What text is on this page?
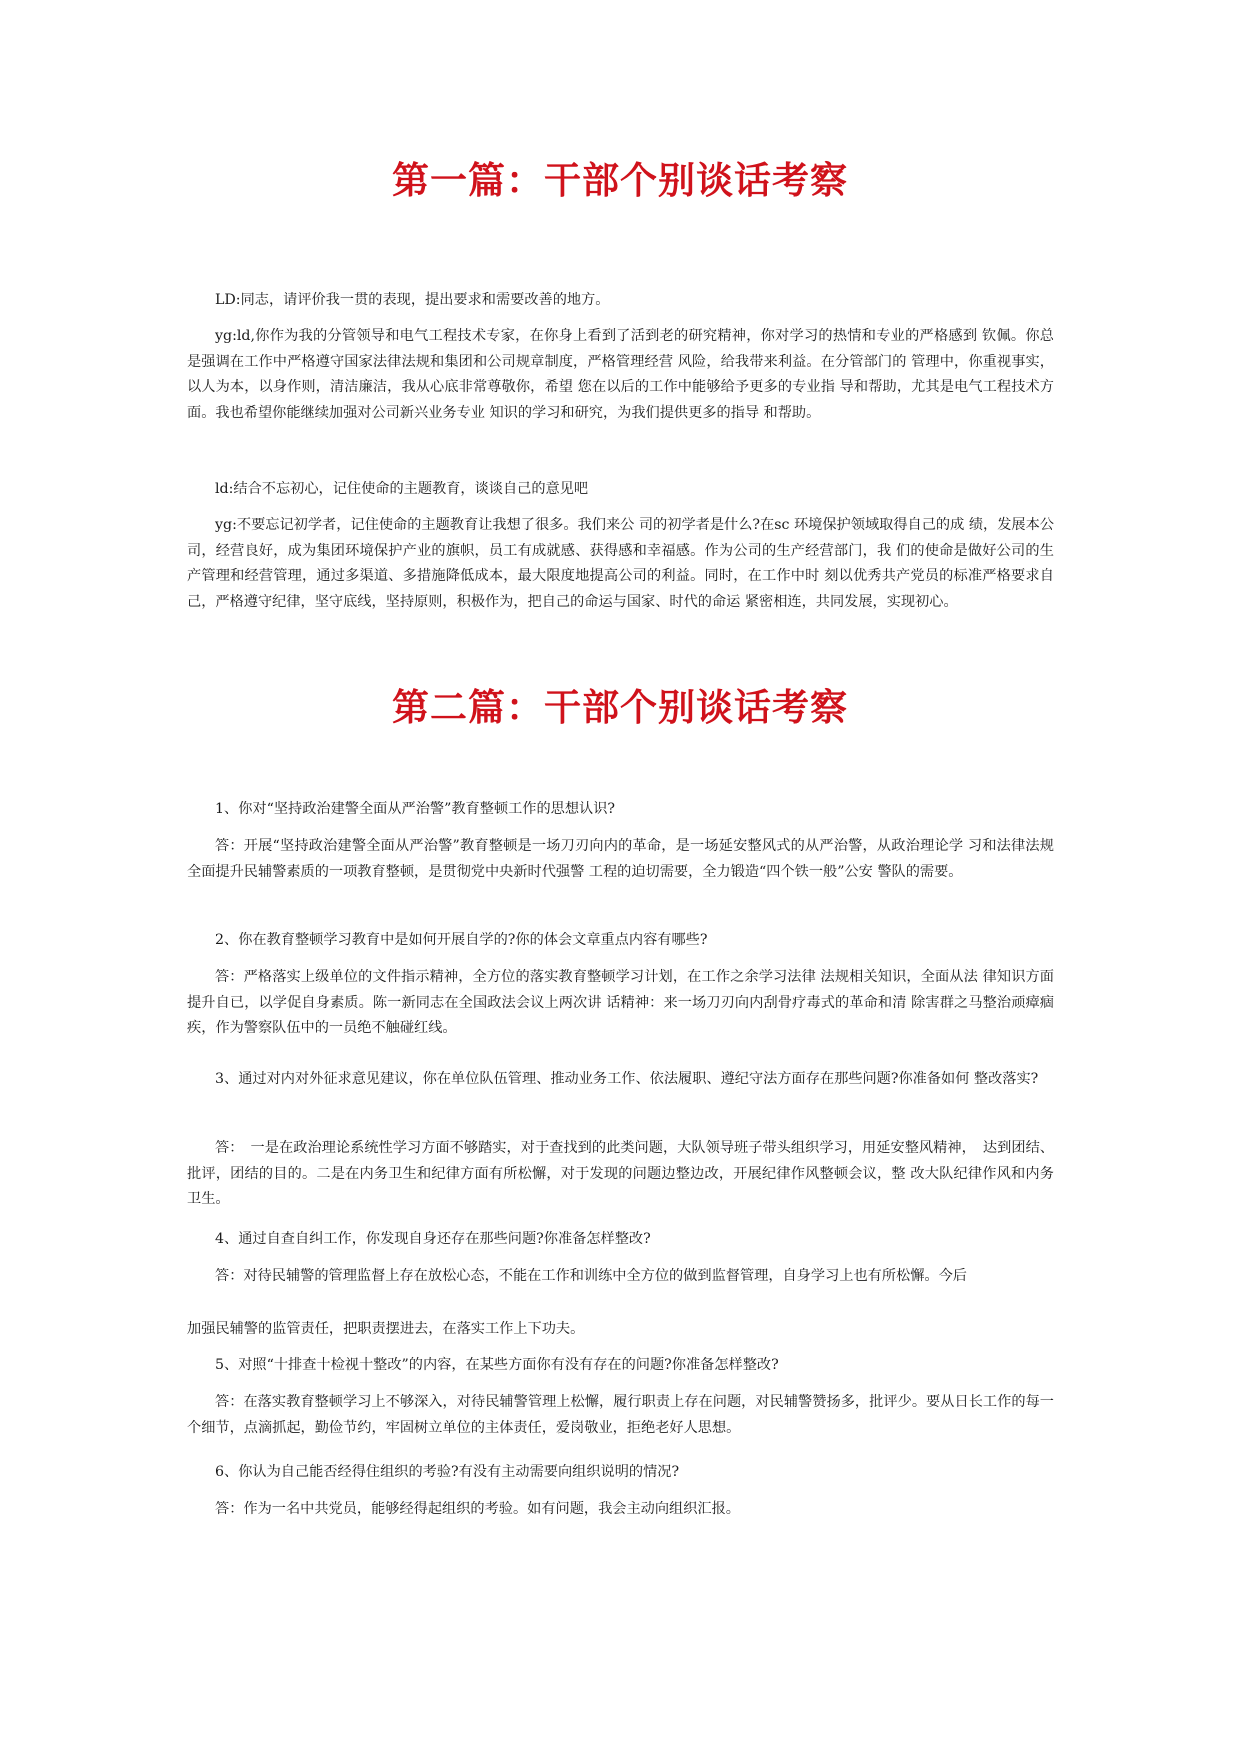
第一篇：干部个别谈话考察

LD:同志，请评价我一贯的表现，提出要求和需要改善的地方。

yg:ld,你作为我的分管领导和电气工程技术专家，在你身上看到了活到老的研究精神，你对学习的热情和专业的严格感到 钦佩。你总是强调在工作中严格遵守国家法律法规和集团和公司规章制度，严格管理经营 风险，给我带来利益。在分管部门的 管理中，你重视事实，以人为本，以身作则，清洁廉洁，我从心底非常尊敬你，希望 您在以后的工作中能够给予更多的专业指 导和帮助，尤其是电气工程技术方面。我也希望你能继续加强对公司新兴业务专业 知识的学习和研究，为我们提供更多的指导 和帮助。

ld:结合不忘初心，记住使命的主题教育，谈谈自己的意见吧

yg:不要忘记初学者，记住使命的主题教育让我想了很多。我们来公 司的初学者是什么?在sc 环境保护领域取得自己的成 绩，发展本公司，经营良好，成为集团环境保护产业的旗帜，员工有成就感、获得感和幸福感。作为公司的生产经营部门，我 们的使命是做好公司的生产管理和经营管理，通过多渠道、多措施降低成本，最大限度地提高公司的利益。同时，在工作中时 刻以优秀共产党员的标准严格要求自己，严格遵守纪律，坚守底线，坚持原则，积极作为，把自己的命运与国家、时代的命运 紧密相连，共同发展，实现初心。

第二篇：干部个别谈话考察

1、你对“坚持政治建警全面从严治警”教育整顿工作的思想认识?

答：开展“坚持政治建警全面从严治警”教育整顿是一场刀刃向内的革命，是一场延安整风式的从严治警，从政治理论学 习和法律法规全面提升民辅警素质的一项教育整顿，是贯彻党中央新时代强警 工程的迫切需要，全力锻造“四个铁一般”公安 警队的需要。

2、你在教育整顿学习教育中是如何开展自学的?你的体会文章重点内容有哪些?

答：严格落实上级单位的文件指示精神，全方位的落实教育整顿学习计划，在工作之余学习法律 法规相关知识，全面从法 律知识方面提升自已，以学促自身素质。陈一新同志在全国政法会议上两次讲 话精神：来一场刀刃向内刮骨疗毒式的革命和清 除害群之马整治顽瘴痼疾，作为警察队伍中的一员绝不触碰红线。

3、通过对内对外征求意见建议，你在单位队伍管理、推动业务工作、依法履职、遵纪守法方面存在那些问题?你准备如何 整改落实?

答：　一是在政治理论系统性学习方面不够踏实，对于查找到的此类问题，大队领导班子带头组织学习，用延安整风精神，　达到团结、批评，团结的目的。二是在内务卫生和纪律方面有所松懈，对于发现的问题边整边改，开展纪律作风整顿会议，整 改大队纪律作风和内务卫生。

4、通过自查自纠工作，你发现自身还存在那些问题?你准备怎样整改?

答：对待民辅警的管理监督上存在放松心态，不能在工作和训练中全方位的做到监督管理，自身学习上也有所松懈。今后

加强民辅警的监管责任，把职责摆进去，在落实工作上下功夫。

5、对照“十排查十检视十整改”的内容，在某些方面你有没有存在的问题?你准备怎样整改?

答：在落实教育整顿学习上不够深入，对待民辅警管理上松懈，履行职责上存在问题，对民辅警赞扬多，批评少。要从日长工作的每一个细节，点滴抓起，勤俭节约，牢固树立单位的主体责任，爱岗敬业，拒绝老好人思想。

6、你认为自己能否经得住组织的考验?有没有主动需要向组织说明的情况?

答：作为一名中共党员，能够经得起组织的考验。如有问题，我会主动向组织汇报。
